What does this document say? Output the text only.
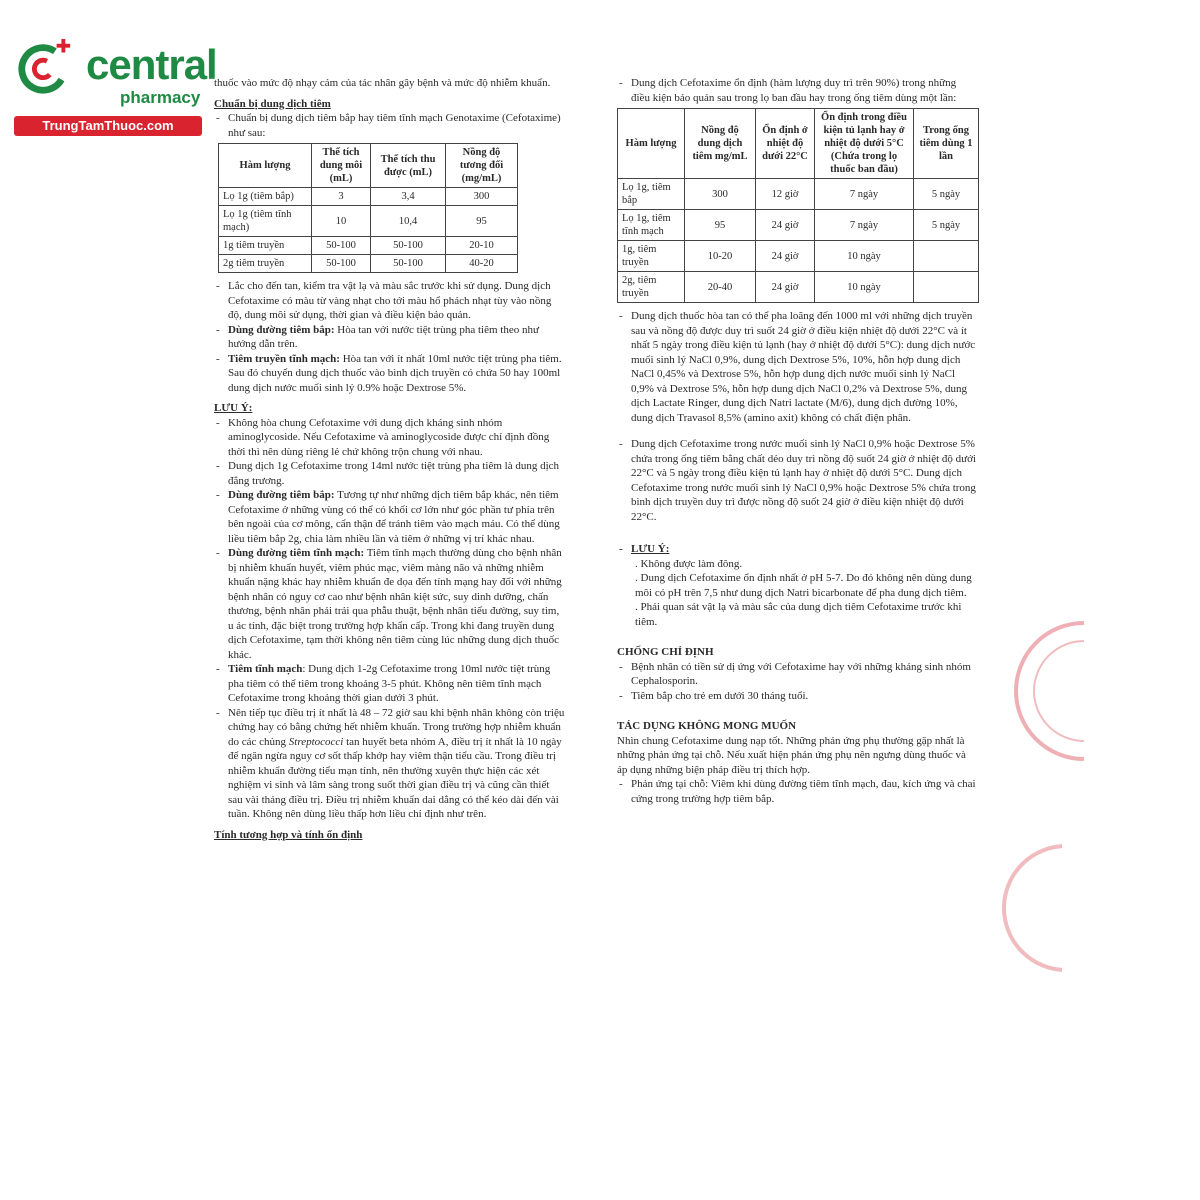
central
pharmacy
TrungTamThuoc.com

thuốc vào mức độ nhạy cảm của tác nhân gây bệnh và mức độ nhiễm khuẩn.

Chuẩn bị dung dịch tiêm

- Chuẩn bị dung dịch tiêm bắp hay tiêm tĩnh mạch Genotaxime (Cefotaxime) như sau:

Hàm lượng	Thể tích dung môi (mL)	Thể tích thu được (mL)	Nồng độ tương đối (mg/mL)
Lọ 1g (tiêm bắp)	3	3,4	300
Lọ 1g (tiêm tĩnh mạch)	10	10,4	95
1g tiêm truyền	50-100	50-100	20-10
2g tiêm truyền	50-100	50-100	40-20

- Lắc cho đến tan, kiểm tra vật lạ và màu sắc trước khi sử dụng. Dung dịch Cefotaxime có màu từ vàng nhạt cho tới màu hổ phách nhạt tùy vào nồng độ, dung môi sử dụng, thời gian và điều kiện bảo quản.

- Dùng đường tiêm bắp: Hòa tan với nước tiệt trùng pha tiêm theo như hướng dẫn trên.

- Tiêm truyền tĩnh mạch: Hòa tan với ít nhất 10ml nước tiệt trùng pha tiêm. Sau đó chuyển dung dịch thuốc vào bình dịch truyền có chứa 50 hay 100ml dung dịch nước muối sinh lý 0.9% hoặc Dextrose 5%.

LƯU Ý:

- Không hòa chung Cefotaxime với dung dịch kháng sinh nhóm aminoglycoside. Nếu Cefotaxime và aminoglycoside được chỉ định đồng thời thì nên dùng riêng lẻ chứ không trộn chung với nhau.

- Dung dịch 1g Cefotaxime trong 14ml nước tiệt trùng pha tiêm là dung dịch đẳng trương.

- Dùng đường tiêm bắp: Tương tự như những dịch tiêm bắp khác, nên tiêm Cefotaxime ở những vùng có thể có khối cơ lớn như góc phần tư phía trên bên ngoài của cơ mông, cẩn thận để tránh tiêm vào mạch máu. Có thể dùng liều tiêm bắp 2g, chia làm nhiều lần và tiêm ở những vị trí khác nhau.

- Dùng đường tiêm tĩnh mạch: Tiêm tĩnh mạch thường dùng cho bệnh nhân bị nhiễm khuẩn huyết, viêm phúc mạc, viêm màng não và những nhiễm khuẩn nặng khác hay nhiễm khuẩn đe dọa đến tính mạng hay đối với những bệnh nhân có nguy cơ cao như bệnh nhân kiệt sức, suy dinh dưỡng, chấn thương, bệnh nhân phải trải qua phẫu thuật, bệnh nhân tiểu đường, suy tim, u ác tính, đặc biệt trong trường hợp khẩn cấp. Trong khi đang truyền dung dịch Cefotaxime, tạm thời không nên tiêm cùng lúc những dung dịch thuốc khác.

- Tiêm tĩnh mạch: Dung dịch 1-2g Cefotaxime trong 10ml nước tiệt trùng pha tiêm có thể tiêm trong khoảng 3-5 phút. Không nên tiêm tĩnh mạch Cefotaxime trong khoảng thời gian dưới 3 phút.

- Nên tiếp tục điều trị ít nhất là 48 – 72 giờ sau khi bệnh nhân không còn triệu chứng hay có bằng chứng hết nhiễm khuẩn. Trong trường hợp nhiễm khuẩn do các chủng Streptococci tan huyết beta nhóm A, điều trị ít nhất là 10 ngày để ngăn ngừa nguy cơ sốt thấp khớp hay viêm thận tiểu cầu. Trong điều trị nhiễm khuẩn đường tiểu mạn tính, nên thường xuyên thực hiện các xét nghiệm vi sinh và lâm sàng trong suốt thời gian điều trị và cũng cần thiết sau vài tháng điều trị. Điều trị nhiễm khuẩn dai dẳng có thể kéo dài đến vài tuần. Không nên dùng liều thấp hơn liều chỉ định như trên.

Tính tương hợp và tính ổn định

- Dung dịch Cefotaxime ổn định (hàm lượng duy trì trên 90%) trong những điều kiện bảo quản sau trong lọ ban đầu hay trong ống tiêm dùng một lần:

Hàm lượng	Nồng độ dung dịch tiêm mg/mL	Ổn định ở nhiệt độ dưới 22°C	Ổn định trong điều kiện tủ lạnh hay ở nhiệt độ dưới 5°C (Chứa trong lọ thuốc ban đầu)	Trong ống tiêm dùng 1 lần
Lọ 1g, tiêm bắp	300	12 giờ	7 ngày	5 ngày
Lọ 1g, tiêm tĩnh mạch	95	24 giờ	7 ngày	5 ngày
1g, tiêm truyền	10-20	24 giờ	10 ngày	
2g, tiêm truyền	20-40	24 giờ	10 ngày	

- Dung dịch thuốc hòa tan có thể pha loãng đến 1000 ml với những dịch truyền sau và nồng độ được duy trì suốt 24 giờ ở điều kiện nhiệt độ dưới 22°C và ít nhất 5 ngày trong điều kiện tủ lạnh (hay ở nhiệt độ dưới 5°C): dung dịch nước muối sinh lý NaCl 0,9%, dung dịch Dextrose 5%, 10%, hỗn hợp dung dịch NaCl 0,45% và Dextrose 5%, hỗn hợp dung dịch nước muối sinh lý NaCl 0,9% và Dextrose 5%, hỗn hợp dung dịch NaCl 0,2% và Dextrose 5%, dung dịch Lactate Ringer, dung dịch Natri lactate (M/6), dung dịch đường 10%, dung dịch Travasol 8,5% (amino axit) không có chất điện phân.

- Dung dịch Cefotaxime trong nước muối sinh lý NaCl 0,9% hoặc Dextrose 5% chứa trong ống tiêm bằng chất dẻo duy trì nồng độ suốt 24 giờ ở nhiệt độ dưới 22°C và 5 ngày trong điều kiện tủ lạnh hay ở nhiệt độ dưới 5°C. Dung dịch Cefotaxime trong nước muối sinh lý NaCl 0,9% hoặc Dextrose 5% chứa trong bình dịch truyền duy trì được nồng độ suốt 24 giờ ở điều kiện nhiệt độ dưới 22°C.

- LƯU Ý:

. Không được làm đông.

. Dung dịch Cefotaxime ổn định nhất ở pH 5-7. Do đó không nên dùng dung môi có pH trên 7,5 như dung dịch Natri bicarbonate để pha dung dịch tiêm.

. Phải quan sát vật lạ và màu sắc của dung dịch tiêm Cefotaxime trước khi tiêm.

CHỐNG CHỈ ĐỊNH

- Bệnh nhân có tiền sử dị ứng với Cefotaxime hay với những kháng sinh nhóm Cephalosporin.

- Tiêm bắp cho trẻ em dưới 30 tháng tuổi.

TÁC DỤNG KHÔNG MONG MUỐN

Nhìn chung Cefotaxime dung nạp tốt. Những phản ứng phụ thường gặp nhất là những phản ứng tại chỗ. Nếu xuất hiện phản ứng phụ nên ngưng dùng thuốc và áp dụng những biện pháp điều trị thích hợp.

- Phản ứng tại chỗ: Viêm khi dùng đường tiêm tĩnh mạch, đau, kích ứng và chai cứng trong trường hợp tiêm bắp.
